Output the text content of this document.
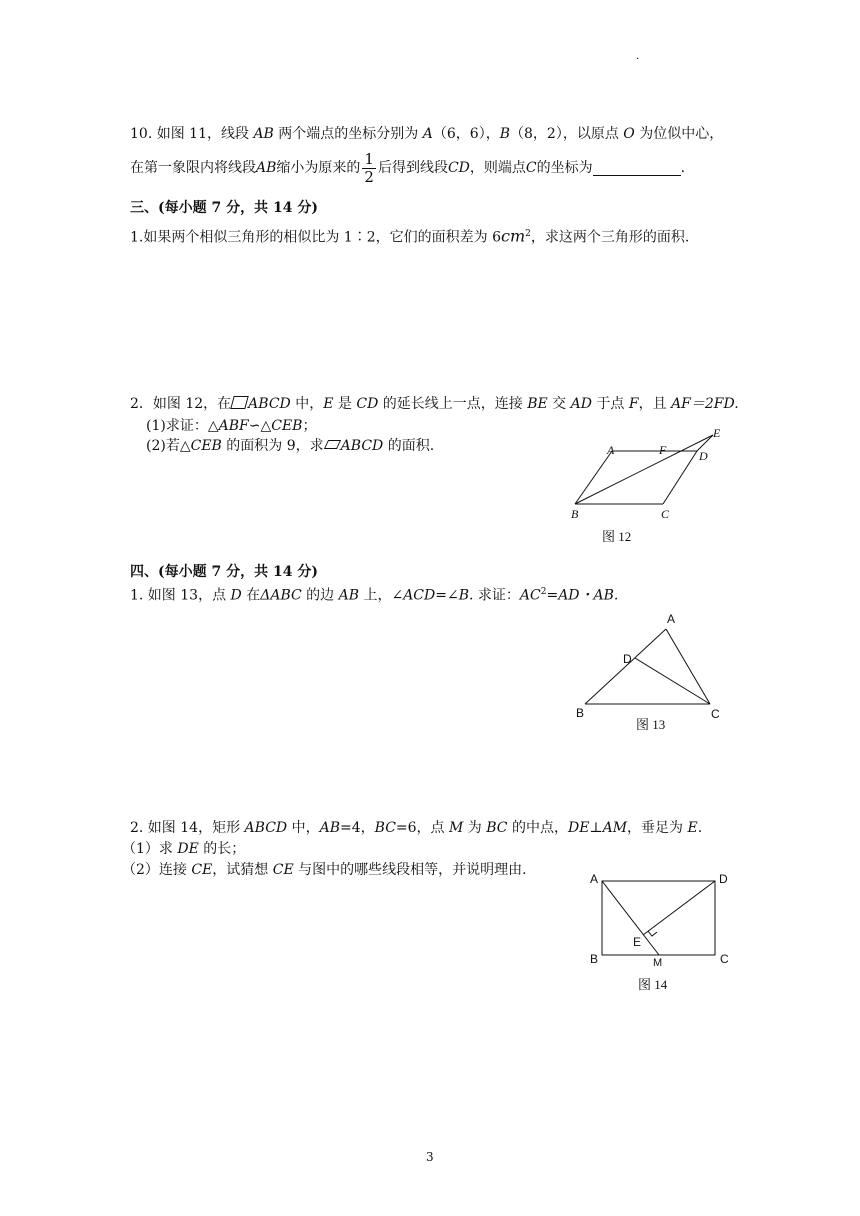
·
10. 如图 11，线段 AB 两个端点的坐标分别为 A（6，6），B（8，2），以原点 O 为位似中心，
在第一象限内将线段 AB 缩小为原来的 $\frac{1}{2}$ 后得到线段 CD ，则端点 C 的坐标为	.
三、(每小题 7 分，共 14 分)
1.如果两个相似三角形的相似比为 1∶2，它们的面积差为 $6cm^2$，求这两个三角形的面积.
2．如图 12，在 ABCD 中，E 是 CD 的延长线上一点，连接 BE 交 AD 于点 F，且 AF＝2FD.
(1)求证：△ABF∽△CEB；
(2)若△CEB 的面积为 9，求 ABCD 的面积.	A	F
E
D
B	C
图 12
四、(每小题 7 分，共 14 分)
1. 如图 13，点 D 在ΔABC 的边 AB 上，∠ACD=∠B. 求证：$AC^2=AD$・AB.
A
D
B	C
图 13
2. 如图 14，矩形 ABCD 中，AB=4，BC=6，点 M 为 BC 的中点，DE⊥AM，垂足为 E.
（1）求 DE 的长；
（2）连接 CE，试猜想 CE 与图中的哪些线段相等，并说明理由.
A	D
E
B	M	C
图 14
3
